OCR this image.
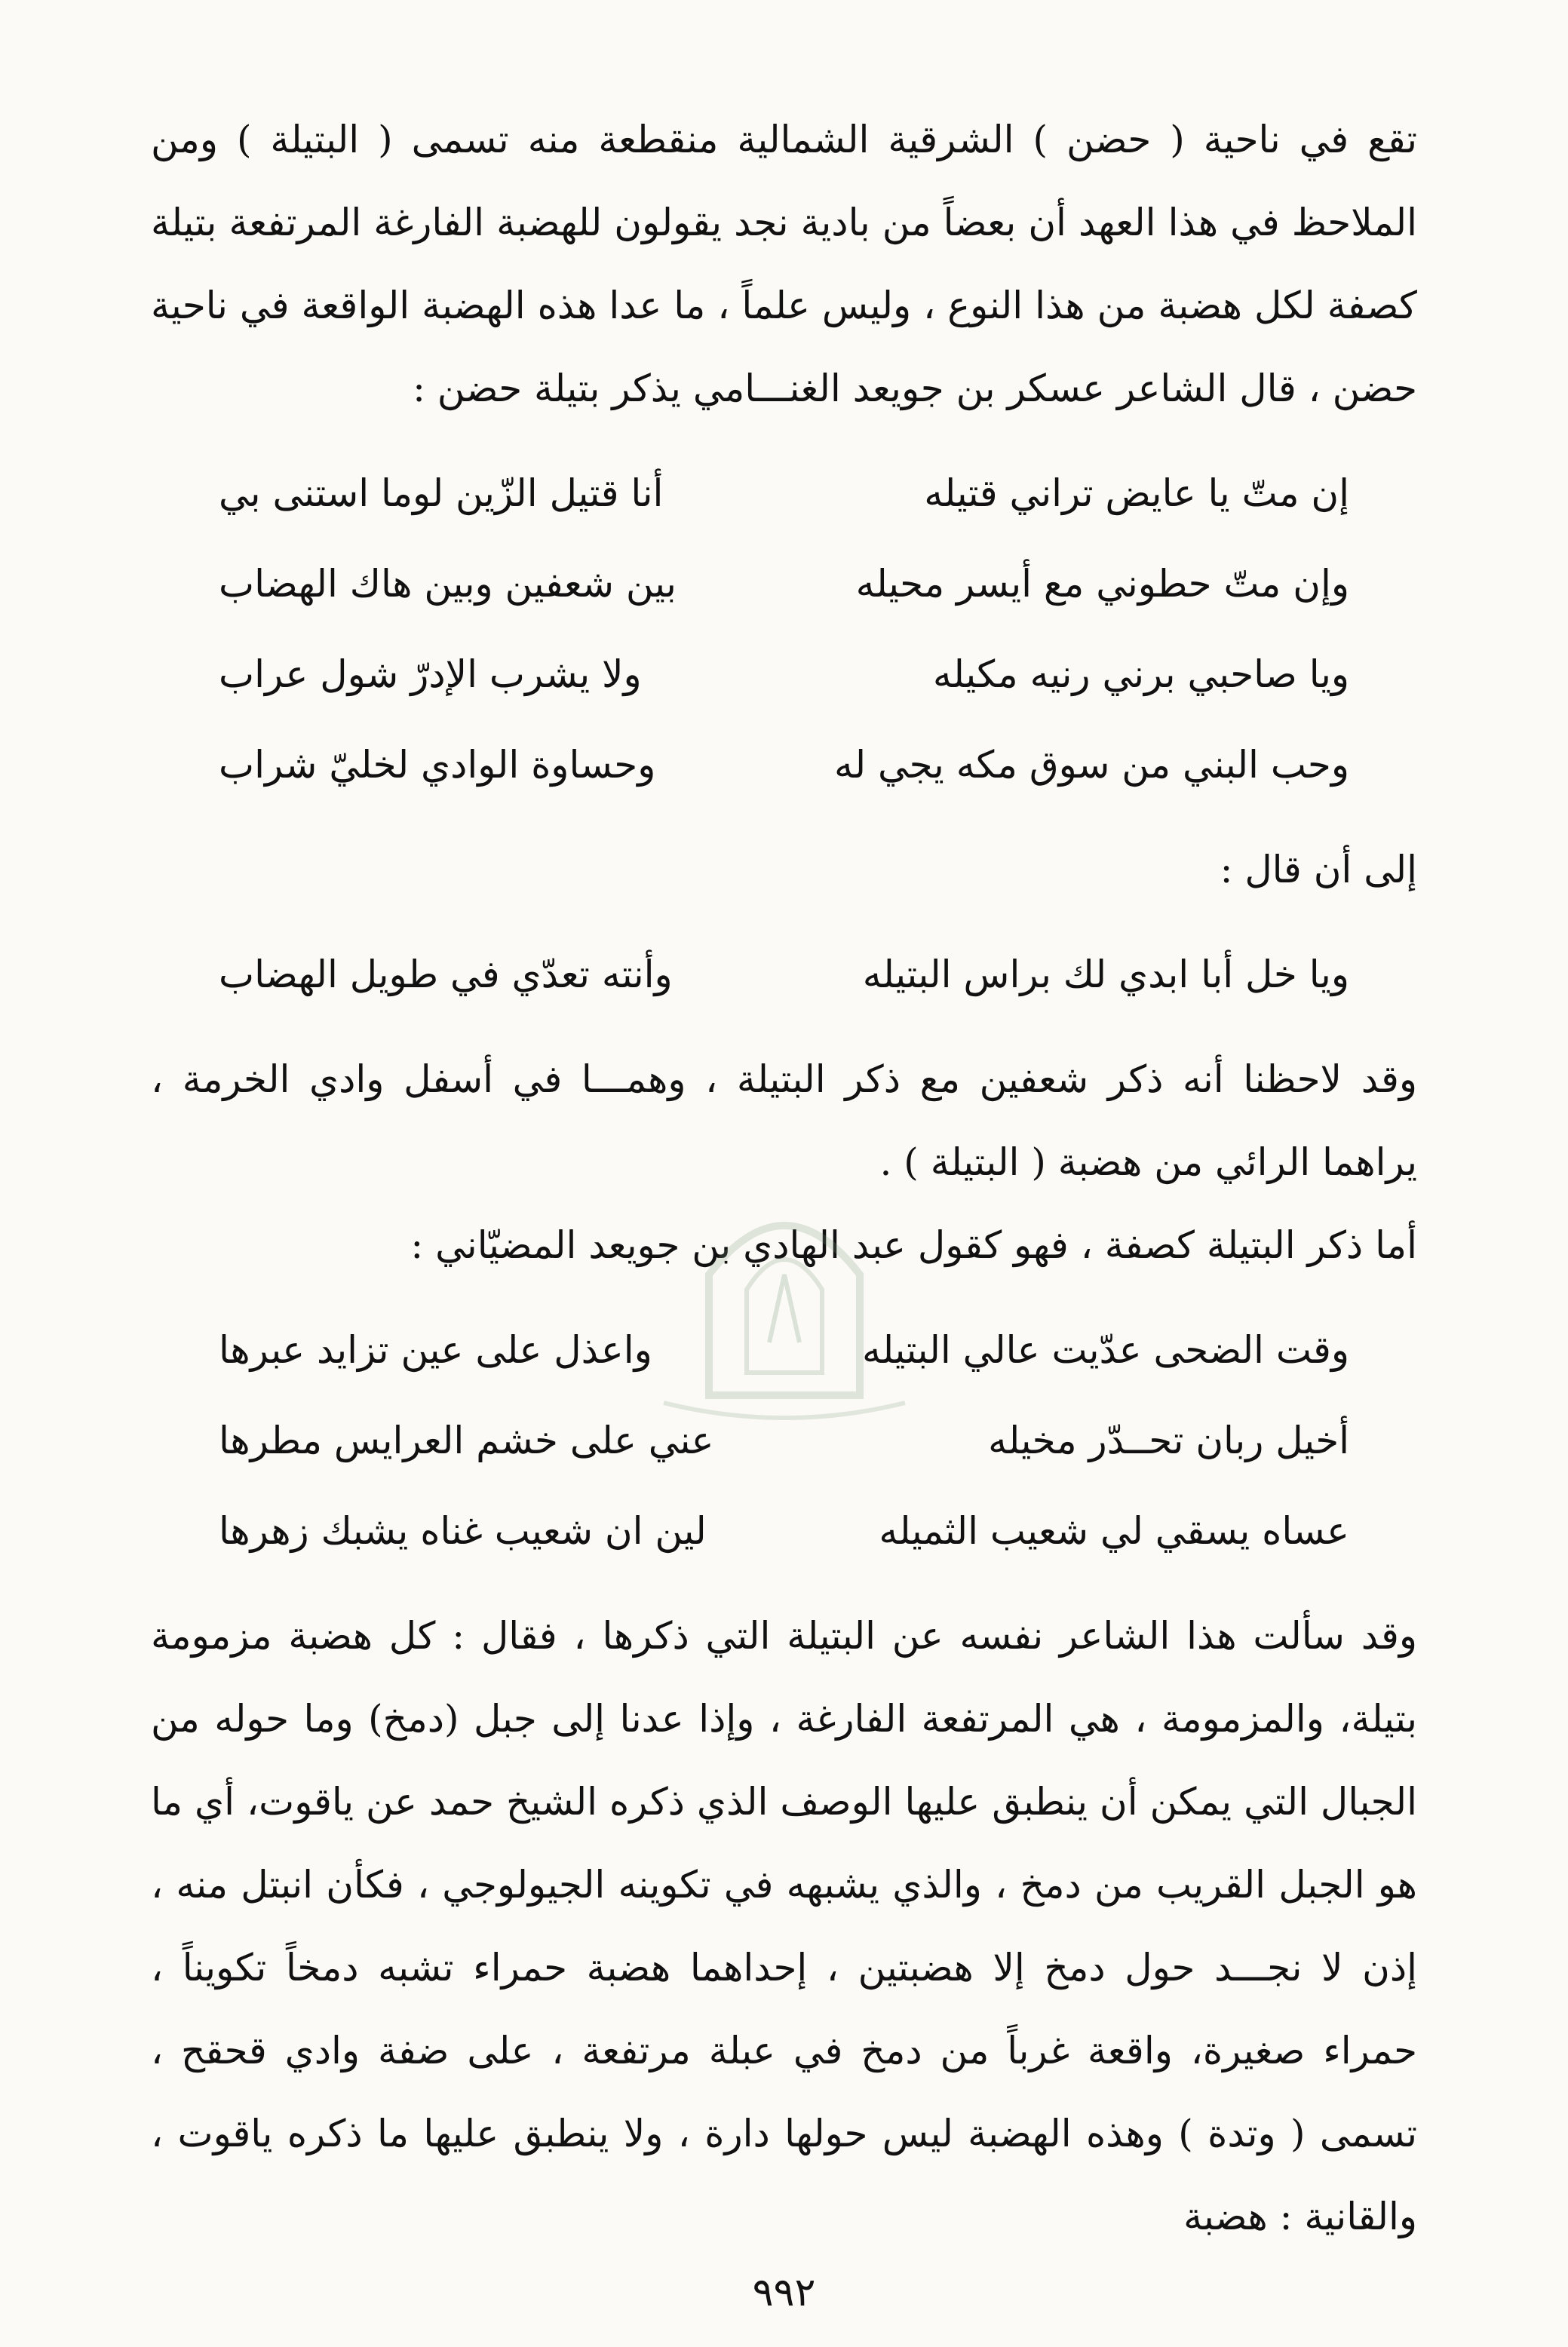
تقع في ناحية ( حضن ) الشرقية الشمالية منقطعة منه تسمى ( البتيلة ) ومن الملاحظ في هذا العهد أن بعضاً من بادية نجد يقولون للهضبة الفارغة المرتفعة بتيلة كصفة لكل هضبة من هذا النوع ، وليس علماً ، ما عدا هذه الهضبة الواقعة في ناحية حضن ، قال الشاعر عسكر بن جويعد الغنـــامي يذكر بتيلة حضن :

إن متّ يا عايض تراني قتيله
أنا قتيل الزّين لوما استنى بي
وإن متّ حطوني مع أيسر محيله
بين شعفين وبين هاك الهضاب
ويا صاحبي برني رنيه مكيله
ولا يشرب الإدرّ شول عراب
وحب البني من سوق مكه يجي له
وحساوة الوادي لخليّ شراب

إلى أن قال :

ويا خل أبا ابدي لك براس البتيله
وأنته تعدّي في طويل الهضاب

وقد لاحظنا أنه ذكر شعفين مع ذكر البتيلة ، وهمـــا في أسفل وادي الخرمة ، يراهما الرائي من هضبة ( البتيلة ) .

أما ذكر البتيلة كصفة ، فهو كقول عبد الهادي بن جويعد المضيّاني :

وقت الضحى عدّيت عالي البتيله
واعذل على عين تزايد عبرها
أخيل ربان تحــدّر مخيله
عني على خشم العرايس مطرها
عساه يسقي لي شعيب الثميله
لين ان شعيب غناه يشبك زهرها

وقد سألت هذا الشاعر نفسه عن البتيلة التي ذكرها ، فقال : كل هضبة مزمومة بتيلة، والمزمومة ، هي المرتفعة الفارغة ، وإذا عدنا إلى جبل (دمخ) وما حوله من الجبال التي يمكن أن ينطبق عليها الوصف الذي ذكره الشيخ حمد عن ياقوت، أي ما هو الجبل القريب من دمخ ، والذي يشبهه في تكوينه الجيولوجي ، فكأن انبتل منه ، إذن لا نجـــد حول دمخ إلا هضبتين ، إحداهما هضبة حمراء تشبه دمخاً تكويناً ، حمراء صغيرة، واقعة غرباً من دمخ في عبلة مرتفعة ، على ضفة وادي قحقح ، تسمى ( وتدة ) وهذه الهضبة ليس حولها دارة ، ولا ينطبق عليها ما ذكره ياقوت ، والقانية : هضبة

٩٩٢
